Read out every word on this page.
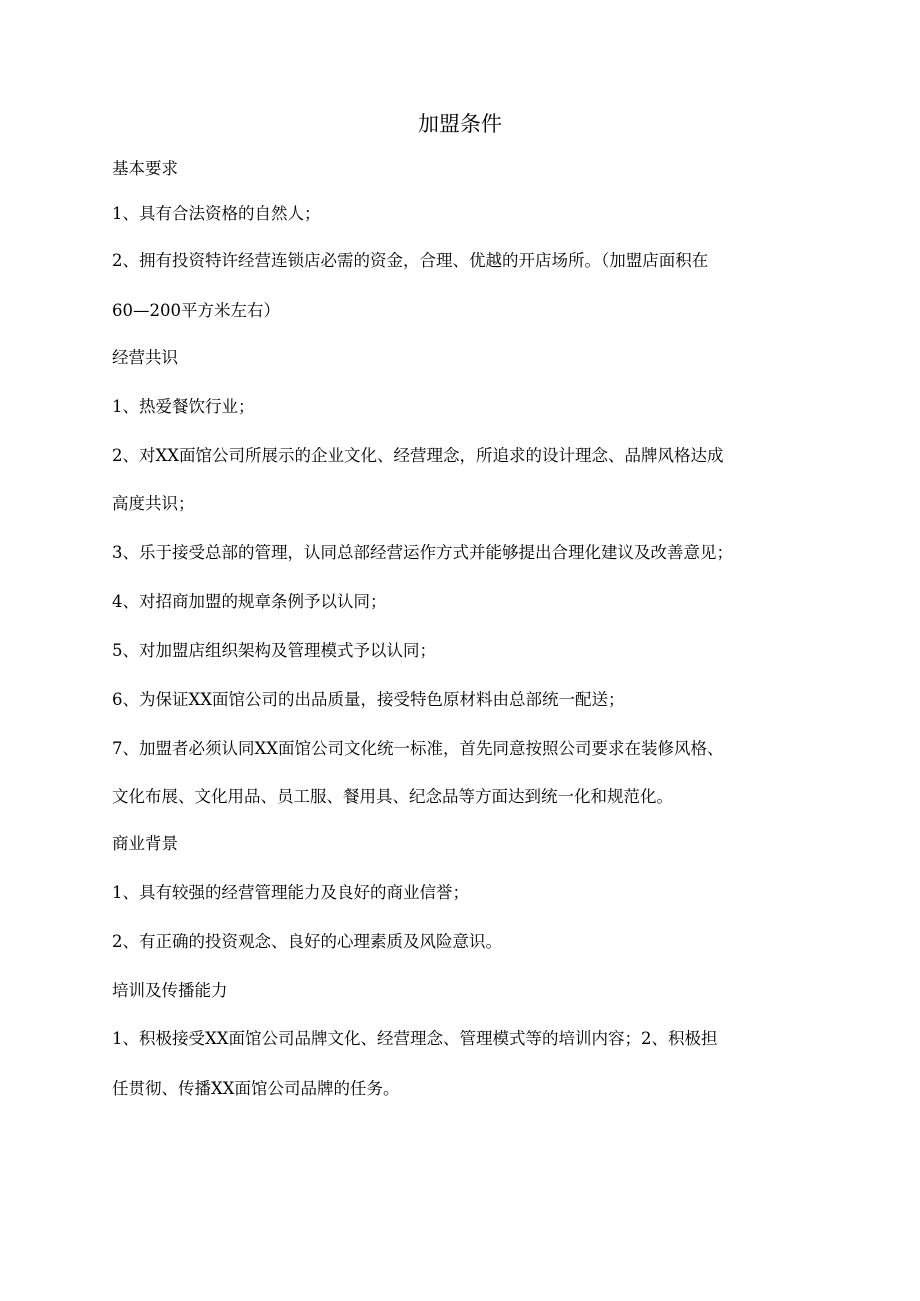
加盟条件

基本要求

1、具有合法资格的自然人；

2、拥有投资特许经营连锁店必需的资金，合理、优越的开店场所。（加盟店面积在

60—200平方米左右）

经营共识

1、热爱餐饮行业；

2、对XX面馆公司所展示的企业文化、经营理念，所追求的设计理念、品牌风格达成

高度共识；

3、乐于接受总部的管理，认同总部经营运作方式并能够提出合理化建议及改善意见；

4、对招商加盟的规章条例予以认同；

5、对加盟店组织架构及管理模式予以认同；

6、为保证XX面馆公司的出品质量，接受特色原材料由总部统一配送；

7、加盟者必须认同XX面馆公司文化统一标准，首先同意按照公司要求在装修风格、

文化布展、文化用品、员工服、餐用具、纪念品等方面达到统一化和规范化。

商业背景

1、具有较强的经营管理能力及良好的商业信誉；

2、有正确的投资观念、良好的心理素质及风险意识。

培训及传播能力

1、积极接受XX面馆公司品牌文化、经营理念、管理模式等的培训内容；2、积极担

任贯彻、传播XX面馆公司品牌的任务。
